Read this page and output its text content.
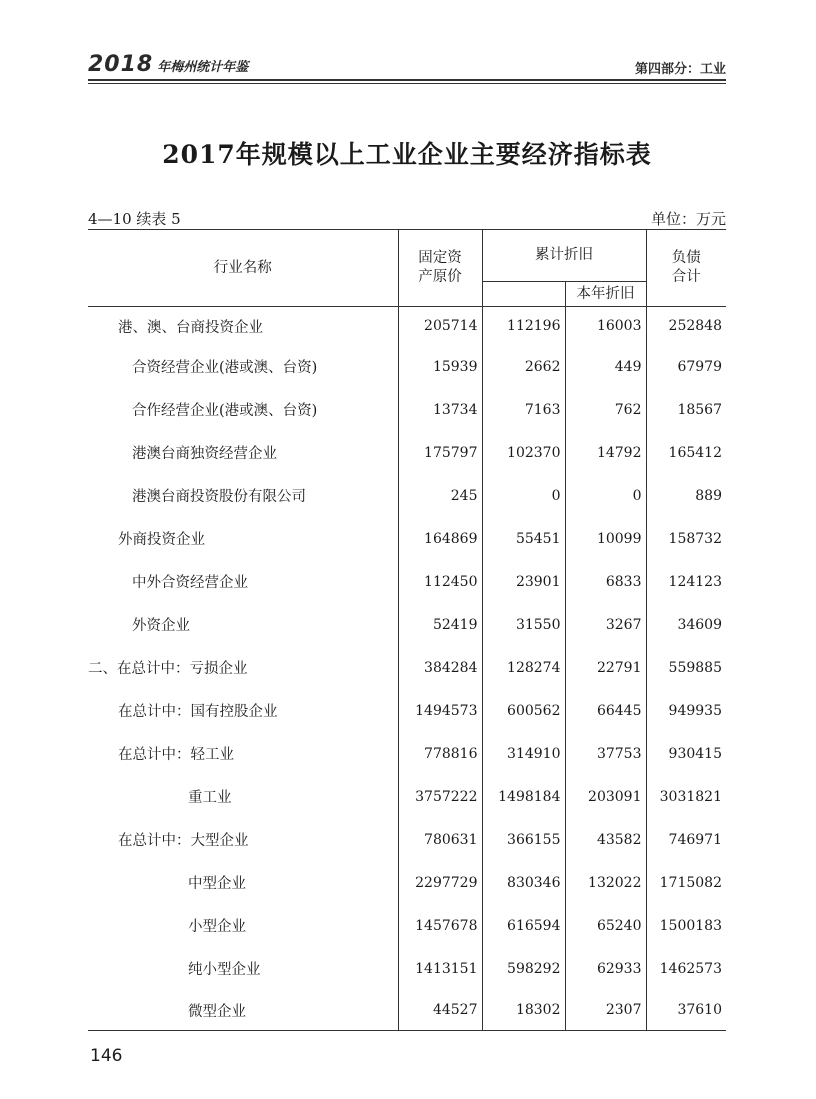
2018 年梅州统计年鉴	第四部分：工业
2017年规模以上工业企业主要经济指标表
4—10 续表 5	单位：万元
行业名称	固定资
产原价	累计折旧		负债
合计
			本年折旧	
港、澳、台商投资企业	205714	112196	16003	252848
合资经营企业(港或澳、台资)	15939	2662	449	67979
合作经营企业(港或澳、台资)	13734	7163	762	18567
港澳台商独资经营企业	175797	102370	14792	165412
港澳台商投资股份有限公司	245	0	0	889
外商投资企业	164869	55451	10099	158732
中外合资经营企业	112450	23901	6833	124123
外资企业	52419	31550	3267	34609
二、在总计中：亏损企业	384284	128274	22791	559885
在总计中：国有控股企业	1494573	600562	66445	949935
在总计中：轻工业	778816	314910	37753	930415
重工业	3757222	1498184	203091	3031821
在总计中：大型企业	780631	366155	43582	746971
中型企业	2297729	830346	132022	1715082
小型企业	1457678	616594	65240	1500183
纯小型企业	1413151	598292	62933	1462573
微型企业	44527	18302	2307	37610
146
